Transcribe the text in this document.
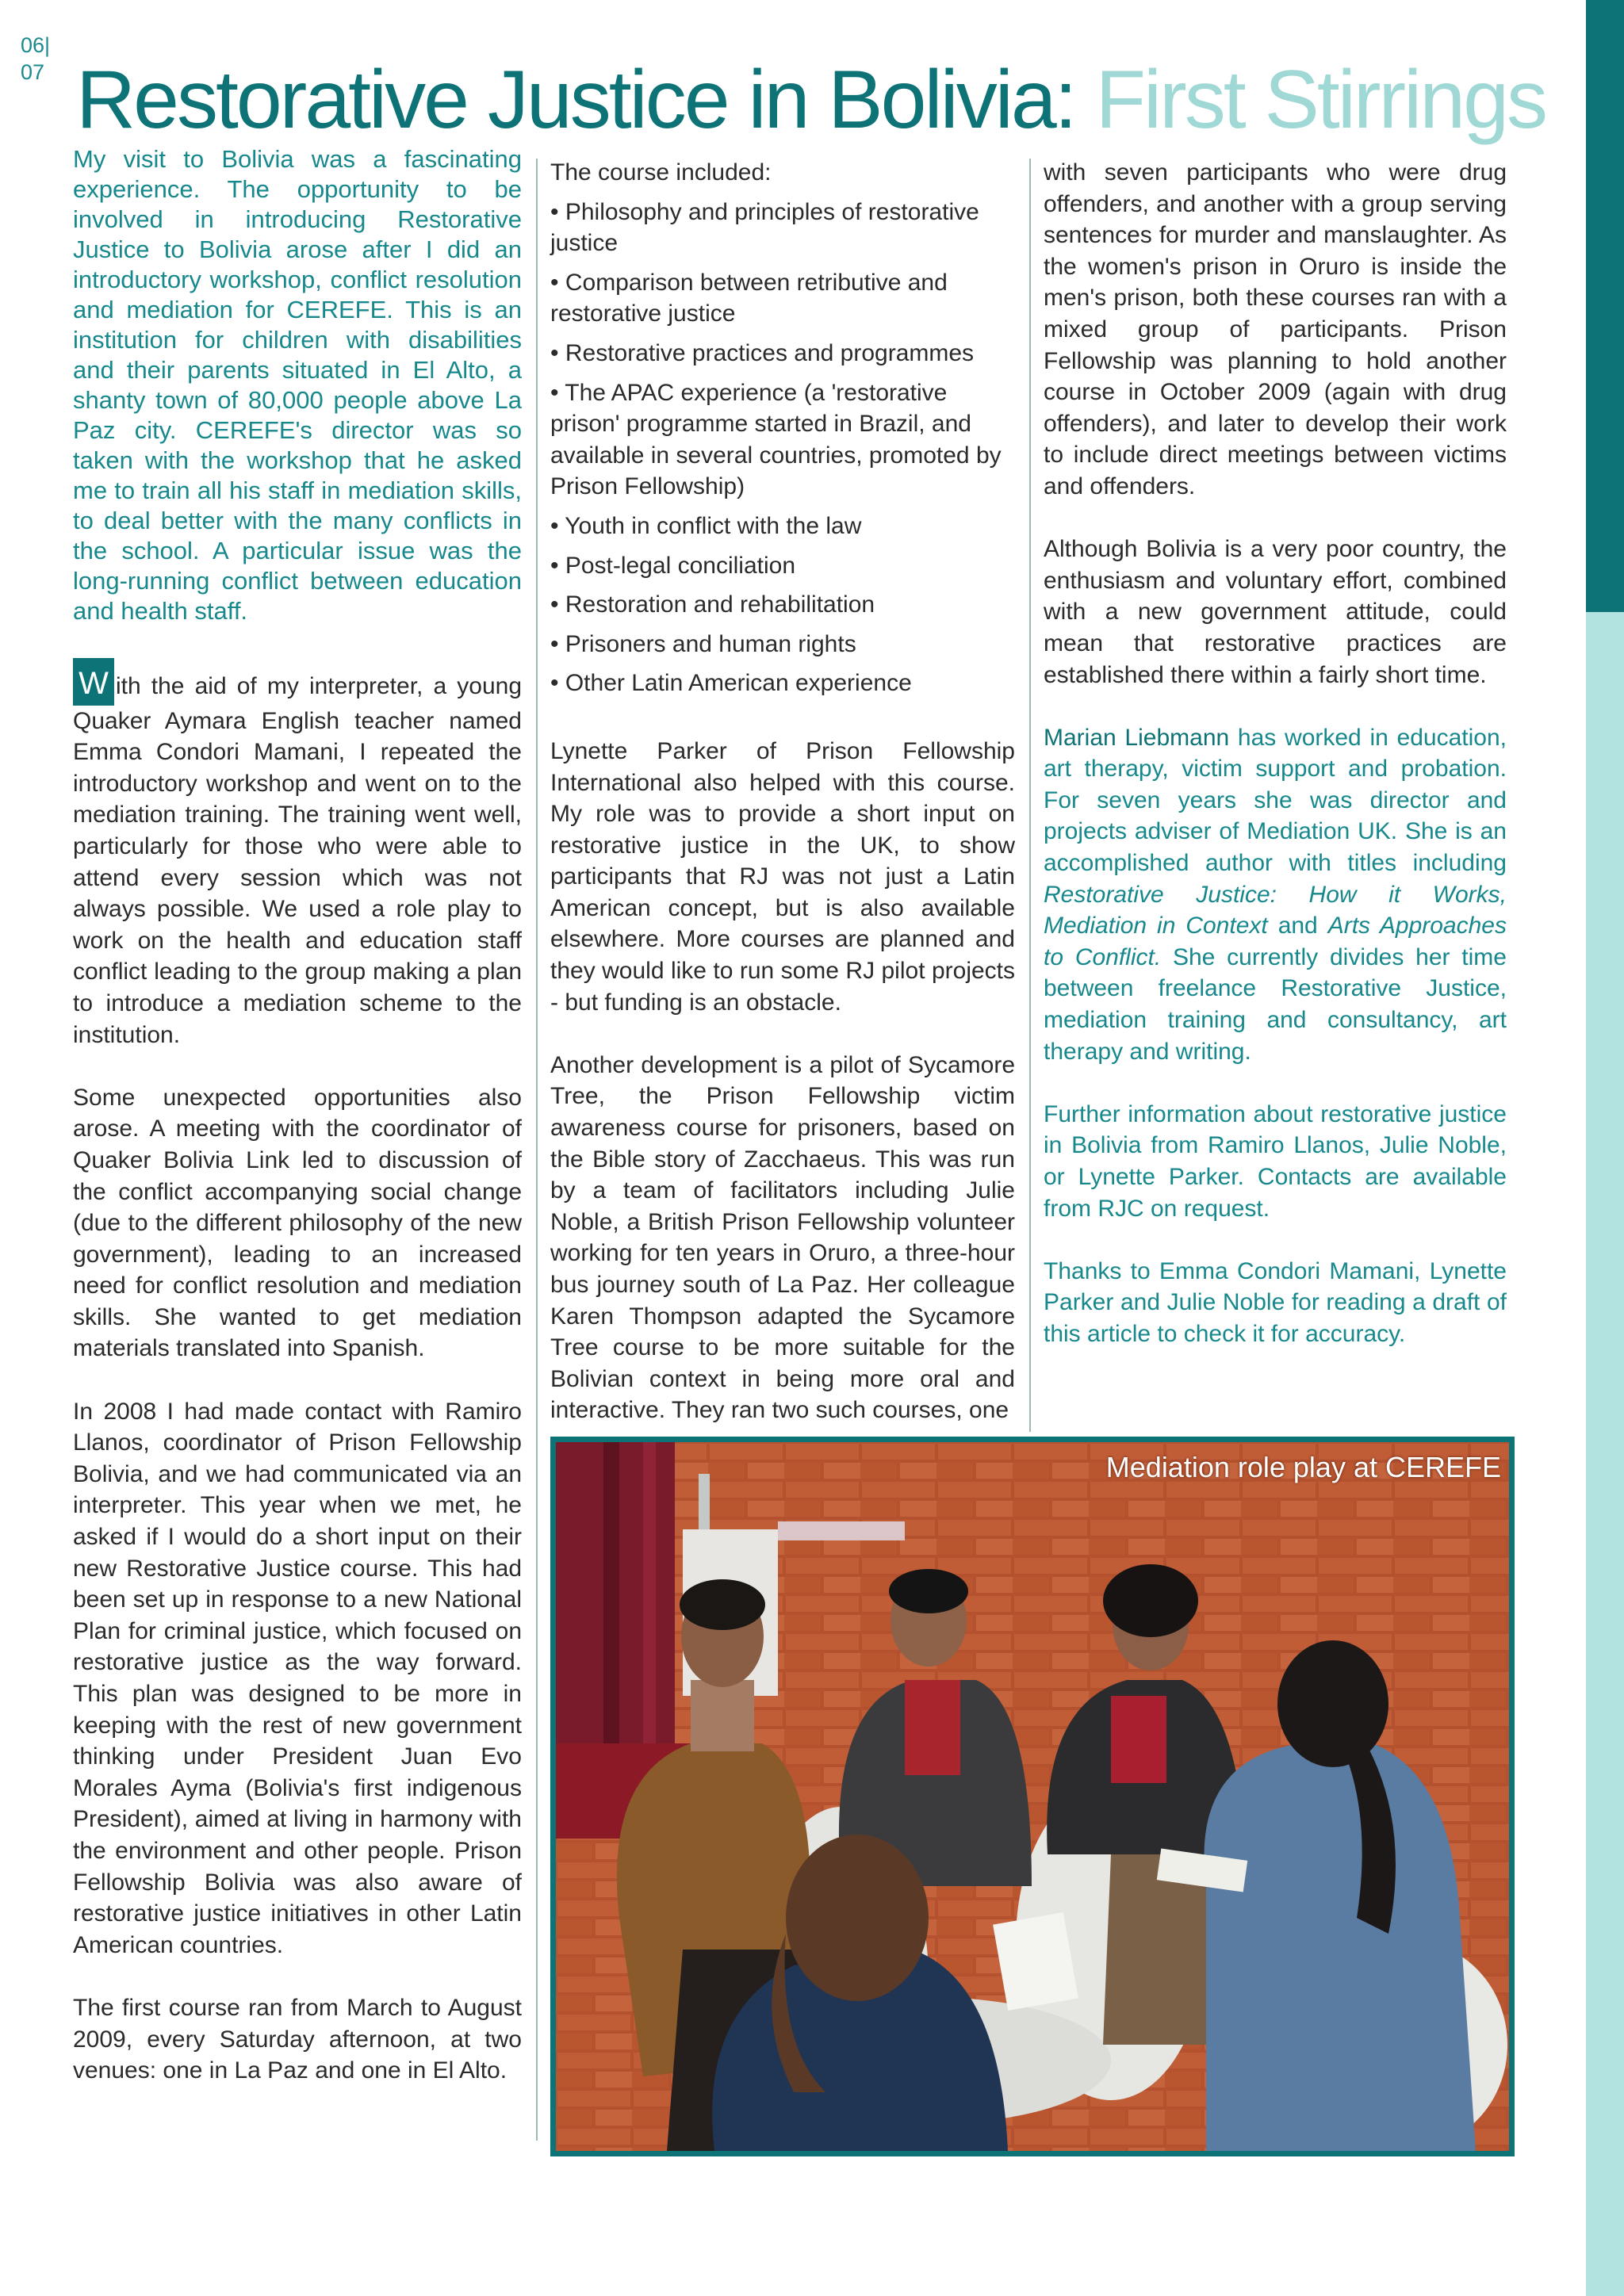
06|
07 Restorative Justice in Bolivia: First Stirrings

My visit to Bolivia was a fascinating experience. The opportunity to be involved in introducing Restorative Justice to Bolivia arose after I did an introductory workshop, conflict resolution and mediation for CEREFE. This is an institution for children with disabilities and their parents situated in El Alto, a shanty town of 80,000 people above La Paz city. CEREFE's director was so taken with the workshop that he asked me to train all his staff in mediation skills, to deal better with the many conflicts in the school. A particular issue was the long-running conflict between education and health staff.

W ith the aid of my interpreter, a young Quaker Aymara English teacher named Emma Condori Mamani, I repeated the introductory workshop and went on to the mediation training. The training went well, particularly for those who were able to attend every session which was not always possible. We used a role play to work on the health and education staff conflict leading to the group making a plan to introduce a mediation scheme to the institution.

Some unexpected opportunities also arose. A meeting with the coordinator of Quaker Bolivia Link led to discussion of the conflict accompanying social change (due to the different philosophy of the new government), leading to an increased need for conflict resolution and mediation skills. She wanted to get mediation materials translated into Spanish.

In 2008 I had made contact with Ramiro Llanos, coordinator of Prison Fellowship Bolivia, and we had communicated via an interpreter. This year when we met, he asked if I would do a short input on their new Restorative Justice course. This had been set up in response to a new National Plan for criminal justice, which focused on restorative justice as the way forward. This plan was designed to be more in keeping with the rest of new government thinking under President Juan Evo Morales Ayma (Bolivia's first indigenous President), aimed at living in harmony with the environment and other people. Prison Fellowship Bolivia was also aware of restorative justice initiatives in other Latin American countries.

The first course ran from March to August 2009, every Saturday afternoon, at two venues: one in La Paz and one in El Alto.

The course included:

• Philosophy and principles of restorative justice
• Comparison between retributive and restorative justice
• Restorative practices and programmes
• The APAC experience (a 'restorative prison' programme started in Brazil, and available in several countries, promoted by Prison Fellowship)
• Youth in conflict with the law
• Post-legal conciliation
• Restoration and rehabilitation
• Prisoners and human rights
• Other Latin American experience

Lynette Parker of Prison Fellowship International also helped with this course. My role was to provide a short input on restorative justice in the UK, to show participants that RJ was not just a Latin American concept, but is also available elsewhere. More courses are planned and they would like to run some RJ pilot projects - but funding is an obstacle.

Another development is a pilot of Sycamore Tree, the Prison Fellowship victim awareness course for prisoners, based on the Bible story of Zacchaeus. This was run by a team of facilitators including Julie Noble, a British Prison Fellowship volunteer working for ten years in Oruro, a three-hour bus journey south of La Paz. Her colleague Karen Thompson adapted the Sycamore Tree course to be more suitable for the Bolivian context in being more oral and interactive. They ran two such courses, one

with seven participants who were drug offenders, and another with a group serving sentences for murder and manslaughter. As the women's prison in Oruro is inside the men's prison, both these courses ran with a mixed group of participants. Prison Fellowship was planning to hold another course in October 2009 (again with drug offenders), and later to develop their work to include direct meetings between victims and offenders.

Although Bolivia is a very poor country, the enthusiasm and voluntary effort, combined with a new government attitude, could mean that restorative practices are established there within a fairly short time.

Marian Liebmann has worked in education, art therapy, victim support and probation. For seven years she was director and projects adviser of Mediation UK. She is an accomplished author with titles including Restorative Justice: How it Works, Mediation in Context and Arts Approaches to Conflict. She currently divides her time between freelance Restorative Justice, mediation training and consultancy, art therapy and writing.

Further information about restorative justice in Bolivia from Ramiro Llanos, Julie Noble, or Lynette Parker. Contacts are available from RJC on request.

Thanks to Emma Condori Mamani, Lynette Parker and Julie Noble for reading a draft of this article to check it for accuracy.

Mediation role play at CEREFE
